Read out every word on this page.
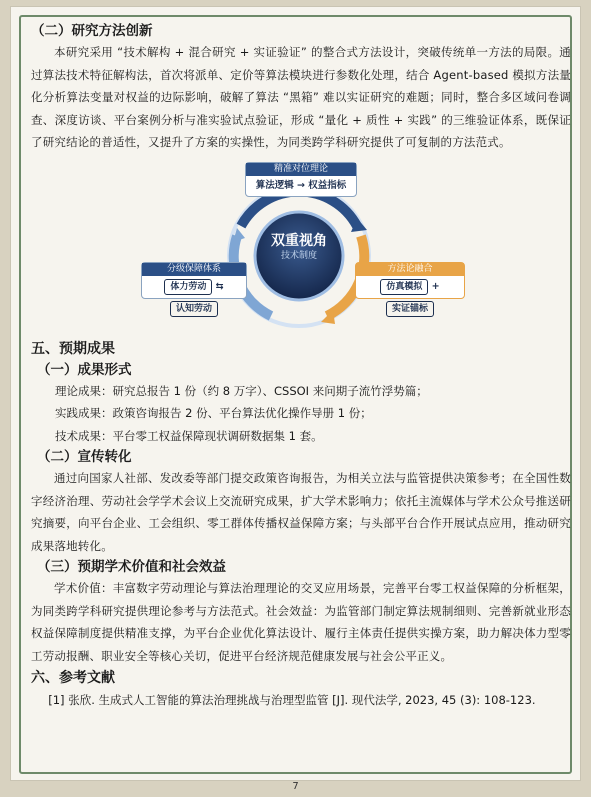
（二）研究方法创新

本研究采用 “技术解构 + 混合研究 + 实证验证” 的整合式方法设计，突破传统单一方法的局限。通过算法技术特征解构法，首次将派单、定价等算法模块进行参数化处理，结合 Agent-based 模拟方法量化分析算法变量对权益的边际影响，破解了算法 “黑箱” 难以实证研究的难题；同时，整合多区域问卷调查、深度访谈、平台案例分析与准实验试点验证，形成 “量化 + 质性 + 实践” 的三维验证体系，既保证了研究结论的普适性，又提升了方案的实操性，为同类跨学科研究提供了可复制的方法范式。

双重视角
技术制度
精准对位理论
算法逻辑 → 权益指标
分级保障体系
体力劳动 ⇆ 认知劳动
方法论融合
仿真模拟 + 实证锚标
五、预期成果
（一）成果形式

理论成果：研究总报告 1 份（约 8 万字）、CSSOI 来问期子流竹浮势篇；

实践成果：政策咨询报告 2 份、平台算法优化操作导册 1 份；

技术成果：平台零工权益保障现状调研数据集 1 套。

（二）宣传转化

通过向国家人社部、发改委等部门提交政策咨询报告，为相关立法与监管提供决策参考；在全国性数字经济治理、劳动社会学学术会议上交流研究成果，扩大学术影响力；依托主流媒体与学术公众号推送研究摘要，向平台企业、工会组织、零工群体传播权益保障方案；与头部平台合作开展试点应用，推动研究成果落地转化。

（三）预期学术价值和社会效益

学术价值：丰富数字劳动理论与算法治理理论的交叉应用场景，完善平台零工权益保障的分析框架，为同类跨学科研究提供理论参考与方法范式。社会效益：为监管部门制定算法规制细则、完善新就业形态权益保障制度提供精准支撑，为平台企业优化算法设计、履行主体责任提供实操方案，助力解决体力型零工劳动报酬、职业安全等核心关切，促进平台经济规范健康发展与社会公平正义。

六、参考文献

[1] 张欣. 生成式人工智能的算法治理挑战与治理型监管 [J]. 现代法学, 2023, 45 (3): 108-123.

7
